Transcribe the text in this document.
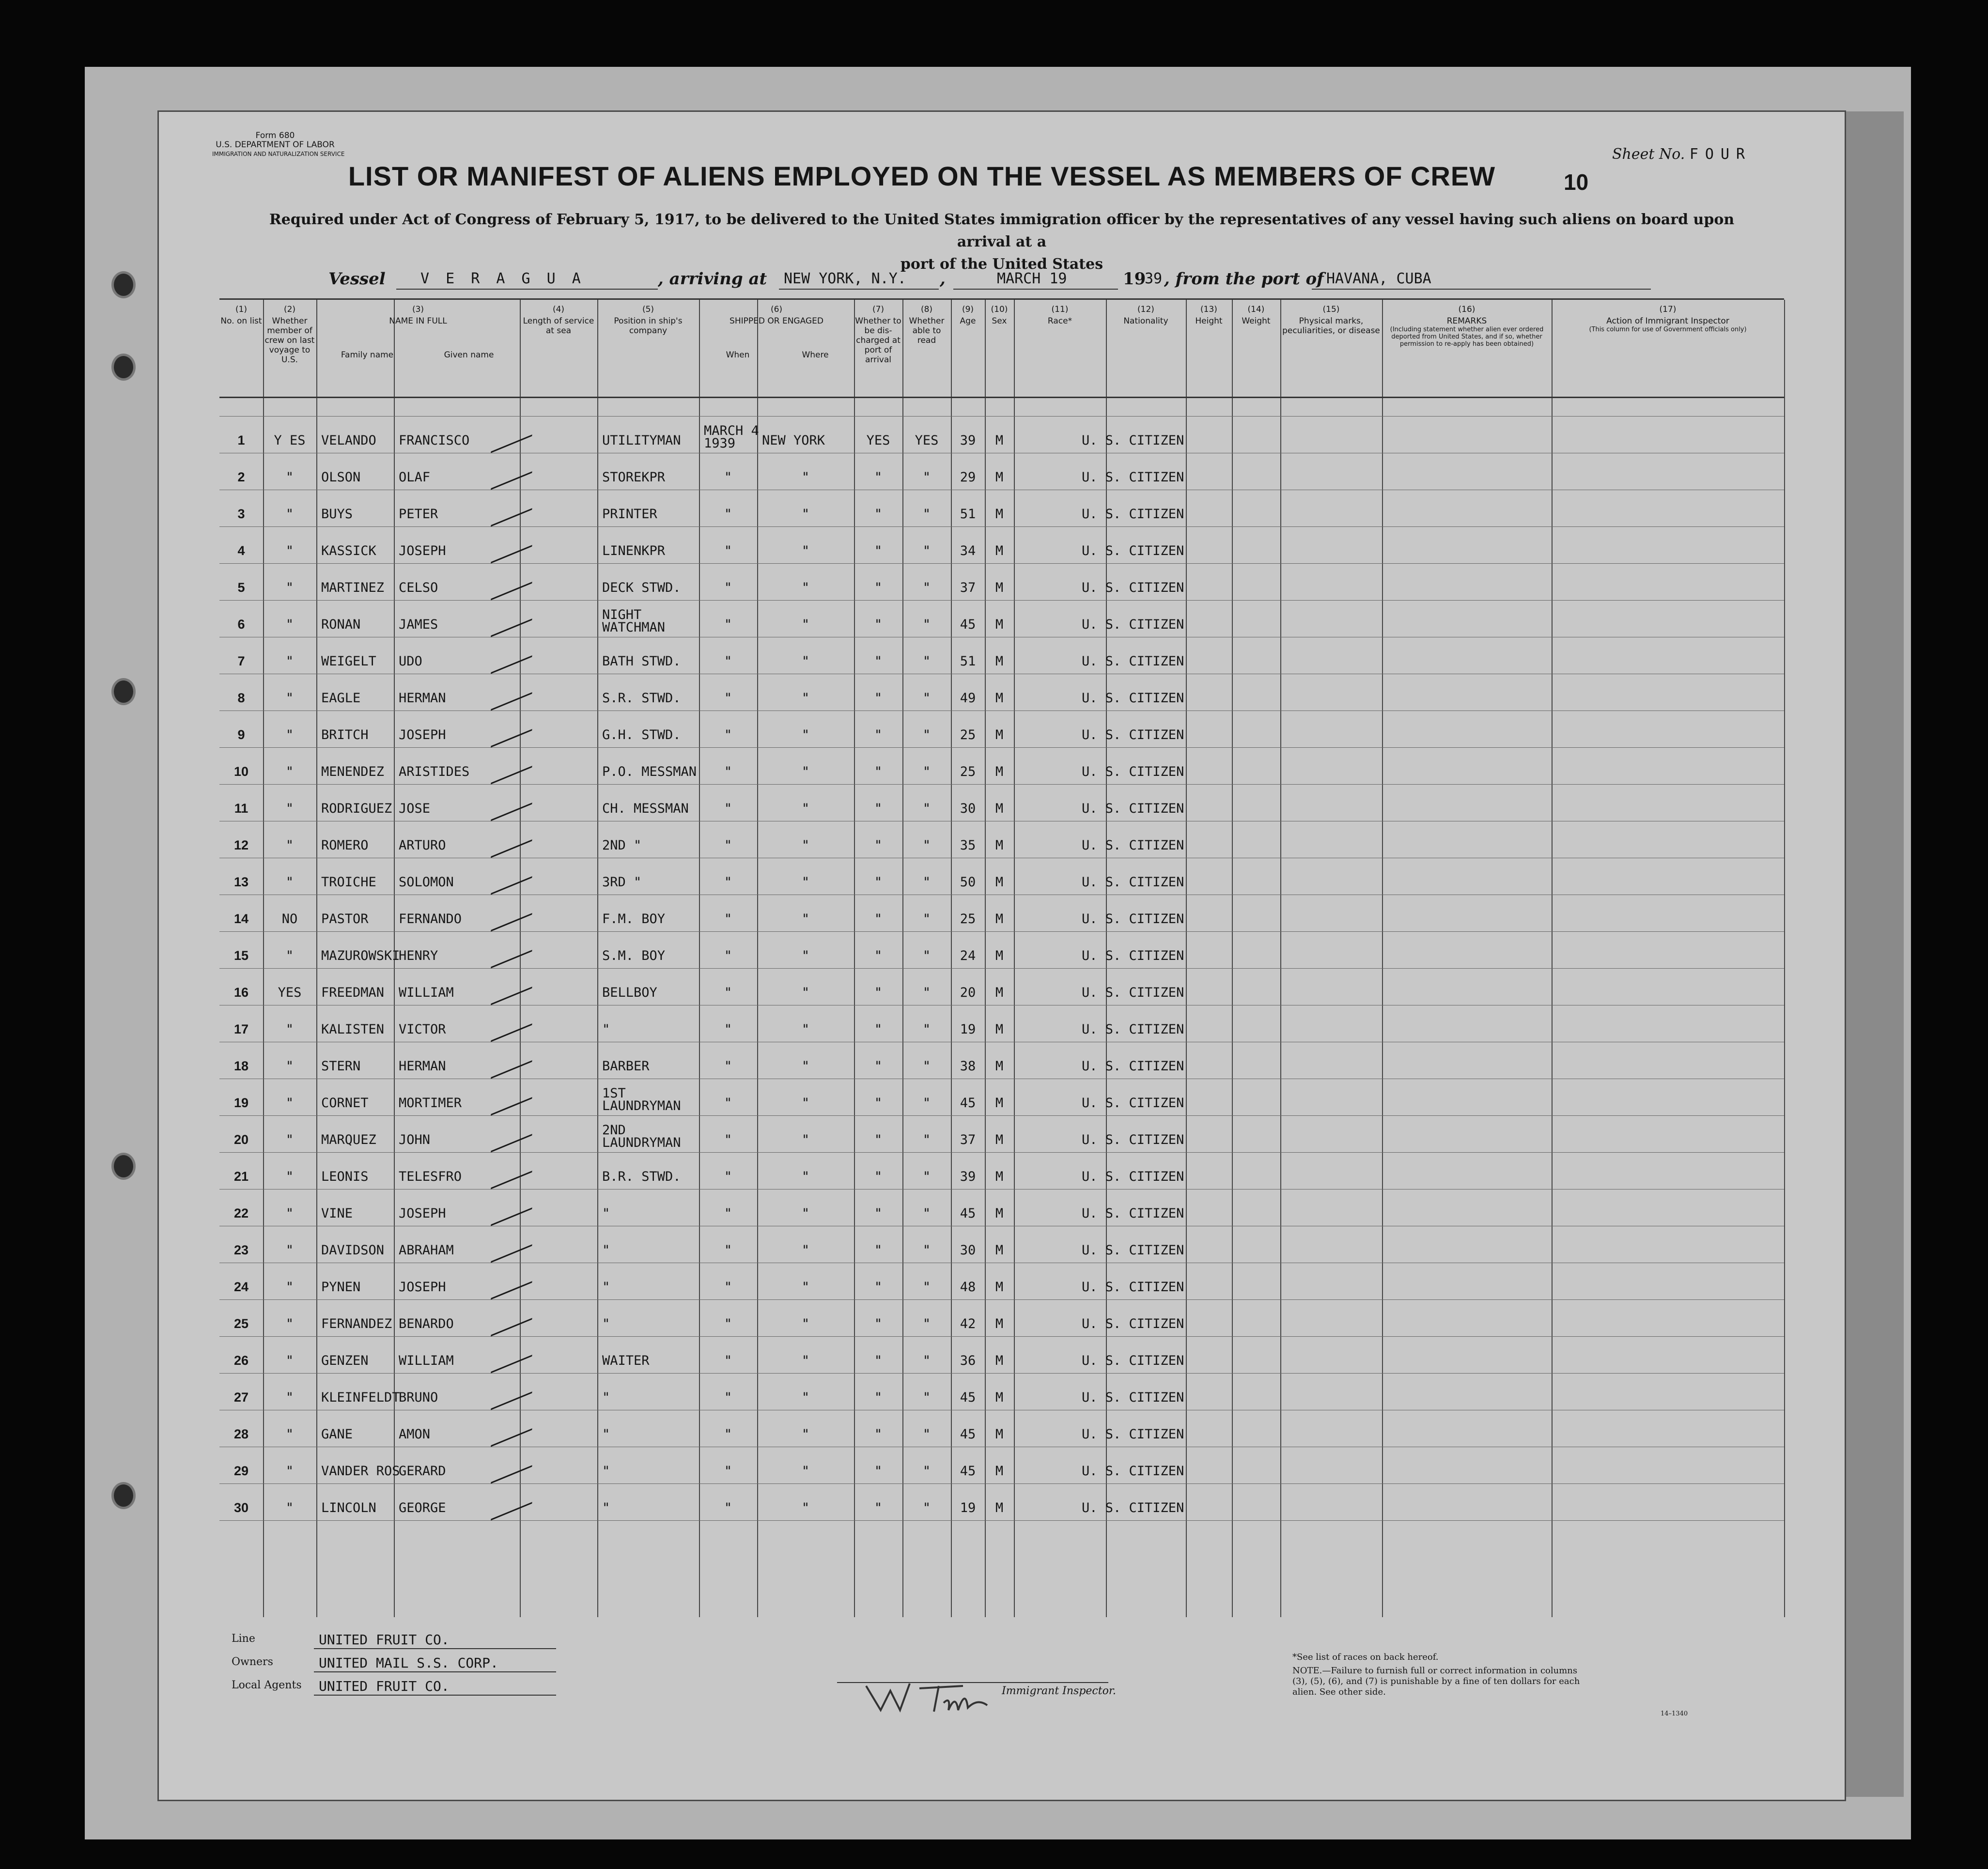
Form 680
U.S. DEPARTMENT OF LABOR
IMMIGRATION AND NATURALIZATION SERVICE	Sheet No. FOUR
LIST OR MANIFEST OF ALIENS EMPLOYED ON THE VESSEL AS MEMBERS OF CREW	10
Required under Act of Congress of February 5, 1917, to be delivered to the United States immigration officer by the representatives of any vessel having such aliens on board upon arrival at a
port of the United States
Vessel V E R A G U A	, arriving at NEW YORK, N.Y. ,	MARCH 19	19
39 , from the port of HAVANA, CUBA
(1)
No. on list
(2)
Whether member of crew on last voyage to U.S.
(3)
NAME IN FULL
Family name	Given name
(4)
Length of service at sea
(5)
Position in ship's company
(6)
SHIPPED OR ENGAGED
When	Where
(7)
Whether to be dis-charged at port of arrival
(8)
Whether able to read
(9)
Age
(10)
Sex
(11)
Race*
(12)
Nationality
(13)
Height
(14)
Weight
(15)
Physical marks, peculiarities, or disease
(16)
REMARKS
(Including statement whether alien ever ordered deported from United States, and if so, whether permission to re-apply has been obtained)
(17)
Action of Immigrant Inspector
(This column for use of Government officials only)
1	Y ES	VELANDO FRANCISCO	UTILITYMAN
MARCH 4
1939	NEW YORK	YES	YES	39	M	U. S. CITIZEN
2	"	OLSON	OLAF	STOREKPR	"	"	"	"	29	M	U. S. CITIZEN
3	"	BUYS	PETER	PRINTER	"	"	"	"	51	M	U. S. CITIZEN
4	"	KASSICK JOSEPH	LINENKPR	"	"	"	"	34	M	U. S. CITIZEN
5	"	MARTINEZ CELSO	DECK STWD.	"	"	"	"	37	M	U. S. CITIZEN
6	"	RONAN	JAMES
NIGHT
WATCHMAN	"	"	"	"	45	M	U. S. CITIZEN
7	"	WEIGELT UDO	BATH STWD.	"	"	"	"	51	M	U. S. CITIZEN
8	"	EAGLE	HERMAN	S.R. STWD.	"	"	"	"	49	M	U. S. CITIZEN
9	"	BRITCH JOSEPH	G.H. STWD.	"	"	"	"	25	M	U. S. CITIZEN
10	"	MENENDEZ ARISTIDES	P.O. MESSMAN	"	"	"	"	25	M	U. S. CITIZEN
11	"	RODRIGUEZ JOSE	CH. MESSMAN	"	"	"	"	30	M	U. S. CITIZEN
12	"	ROMERO ARTURO	2ND "	"	"	"	"	35	M	U. S. CITIZEN
13	"	TROICHE SOLOMON	3RD "	"	"	"	"	50	M	U. S. CITIZEN
14	NO	PASTOR FERNANDO	F.M. BOY	"	"	"	"	25	M	U. S. CITIZEN
15	"	MAZUROWSKI
HENRY	S.M. BOY	"	"	"	"	24	M	U. S. CITIZEN
16	YES	FREEDMAN WILLIAM	BELLBOY	"	"	"	"	20	M	U. S. CITIZEN
17	"	KALISTEN VICTOR	"	"	"	"	"	19	M	U. S. CITIZEN
18	"	STERN	HERMAN	BARBER	"	"	"	"	38	M	U. S. CITIZEN
19	"	CORNET MORTIMER
1ST
LAUNDRYMAN	"	"	"	"	45	M	U. S. CITIZEN
20	"	MARQUEZ JOHN
2ND
LAUNDRYMAN	"	"	"	"	37	M	U. S. CITIZEN
21	"	LEONIS TELESFRO	B.R. STWD.	"	"	"	"	39	M	U. S. CITIZEN
22	"	VINE	JOSEPH	"	"	"	"	"	45	M	U. S. CITIZEN
23	"	DAVIDSON ABRAHAM	"	"	"	"	"	30	M	U. S. CITIZEN
24	"	PYNEN	JOSEPH	"	"	"	"	"	48	M	U. S. CITIZEN
25	"	FERNANDEZ BENARDO	"	"	"	"	"	42	M	U. S. CITIZEN
26	"	GENZEN WILLIAM	WAITER	"	"	"	"	36	M	U. S. CITIZEN
27	"	KLEINFELDT
BRUNO	"	"	"	"	"	45	M	U. S. CITIZEN
28	"	GANE	AMON	"	"	"	"	"	45	M	U. S. CITIZEN
29	"	VANDER ROS
GERARD	"	"	"	"	"	45	M	U. S. CITIZEN
30	"	LINCOLN GEORGE	"	"	"	"	"	19	M	U. S. CITIZEN
Line	UNITED FRUIT CO.
Owners	UNITED MAIL S.S. CORP.
Local Agents UNITED FRUIT CO.	Immigrant Inspector.
*See list of races on back hereof.
NOTE.—Failure to furnish full or correct information in columns (3), (5), (6), and (7) is punishable by a fine of ten dollars for each alien. See other side.
14–1340
